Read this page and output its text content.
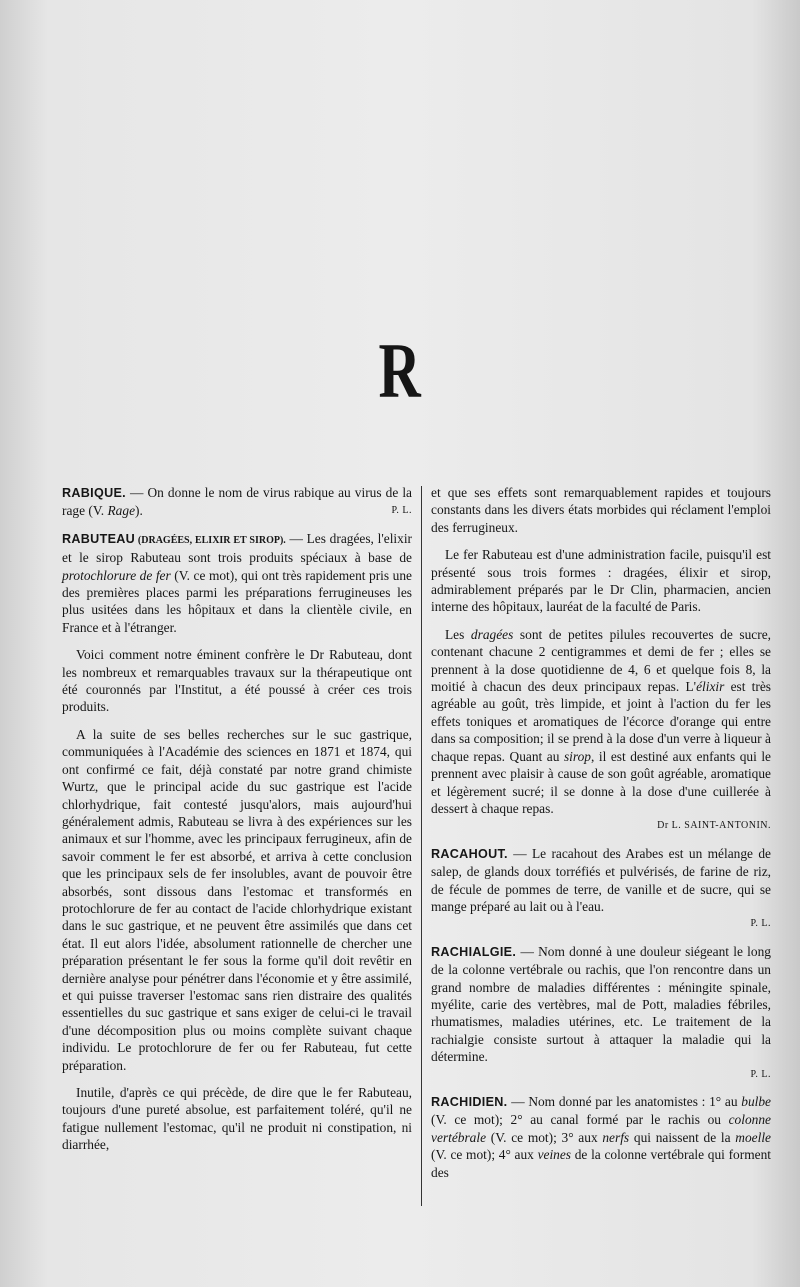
R

RABIQUE. — On donne le nom de virus rabique au virus de la rage (V. Rage).	P. L.

RABUTEAU (DRAGÉES, ELIXIR ET SIROP). — Les dragées, l'elixir et le sirop Rabuteau sont trois produits spéciaux à base de protochlorure de fer (V. ce mot), qui ont très rapidement pris une des premières places parmi les préparations ferrugineuses les plus usitées dans les hôpitaux et dans la clientèle civile, en France et à l'étranger.

Voici comment notre éminent confrère le Dr Rabuteau, dont les nombreux et remarquables travaux sur la thérapeutique ont été couronnés par l'Institut, a été poussé à créer ces trois produits.

A la suite de ses belles recherches sur le suc gastrique, communiquées à l'Académie des sciences en 1871 et 1874, qui ont confirmé ce fait, déjà constaté par notre grand chimiste Wurtz, que le principal acide du suc gastrique est l'acide chlorhydrique, fait contesté jusqu'alors, mais aujourd'hui généralement admis, Rabuteau se livra à des expériences sur les animaux et sur l'homme, avec les principaux ferrugineux, afin de savoir comment le fer est absorbé, et arriva à cette conclusion que les principaux sels de fer insolubles, avant de pouvoir être absorbés, sont dissous dans l'estomac et transformés en protochlorure de fer au contact de l'acide chlorhydrique existant dans le suc gastrique, et ne peuvent être assimilés que dans cet état. Il eut alors l'idée, absolument rationnelle de chercher une préparation présentant le fer sous la forme qu'il doit revêtir en dernière analyse pour pénétrer dans l'économie et y être assimilé, et qui puisse traverser l'estomac sans rien distraire des qualités essentielles du suc gastrique et sans exiger de celui-ci le travail d'une décomposition plus ou moins complète suivant chaque individu. Le protochlorure de fer ou fer Rabuteau, fut cette préparation.

Inutile, d'après ce qui précède, de dire que le fer Rabuteau, toujours d'une pureté absolue, est parfaitement toléré, qu'il ne fatigue nullement l'estomac, qu'il ne produit ni constipation, ni diarrhée,

et que ses effets sont remarquablement rapides et toujours constants dans les divers états morbides qui réclament l'emploi des ferrugineux.

Le fer Rabuteau est d'une administration facile, puisqu'il est présenté sous trois formes : dragées, élixir et sirop, admirablement préparés par le Dr Clin, pharmacien, ancien interne des hôpitaux, lauréat de la faculté de Paris.

Les dragées sont de petites pilules recouvertes de sucre, contenant chacune 2 centigrammes et demi de fer ; elles se prennent à la dose quotidienne de 4, 6 et quelque fois 8, la moitié à chacun des deux principaux repas. L'élixir est très agréable au goût, très limpide, et joint à l'action du fer les effets toniques et aromatiques de l'écorce d'orange qui entre dans sa composition; il se prend à la dose d'un verre à liqueur à chaque repas. Quant au sirop, il est destiné aux enfants qui le prennent avec plaisir à cause de son goût agréable, aromatique et légèrement sucré; il se donne à la dose d'une cuillerée à dessert à chaque repas.
Dr L. SAINT-ANTONIN.

RACAHOUT. — Le racahout des Arabes est un mélange de salep, de glands doux torréfiés et pulvérisés, de farine de riz, de fécule de pommes de terre, de vanille et de sucre, qui se mange préparé au lait ou à l'eau.
P. L.

RACHIALGIE. — Nom donné à une douleur siégeant le long de la colonne vertébrale ou rachis, que l'on rencontre dans un grand nombre de maladies différentes : méningite spinale, myélite, carie des vertèbres, mal de Pott, maladies fébriles, rhumatismes, maladies utérines, etc. Le traitement de la rachialgie consiste surtout à attaquer la maladie qui la détermine.
P. L.

RACHIDIEN. — Nom donné par les anatomistes : 1° au bulbe (V. ce mot); 2° au canal formé par le rachis ou colonne vertébrale (V. ce mot); 3° aux nerfs qui naissent de la moelle (V. ce mot); 4° aux veines de la colonne vertébrale qui forment des
